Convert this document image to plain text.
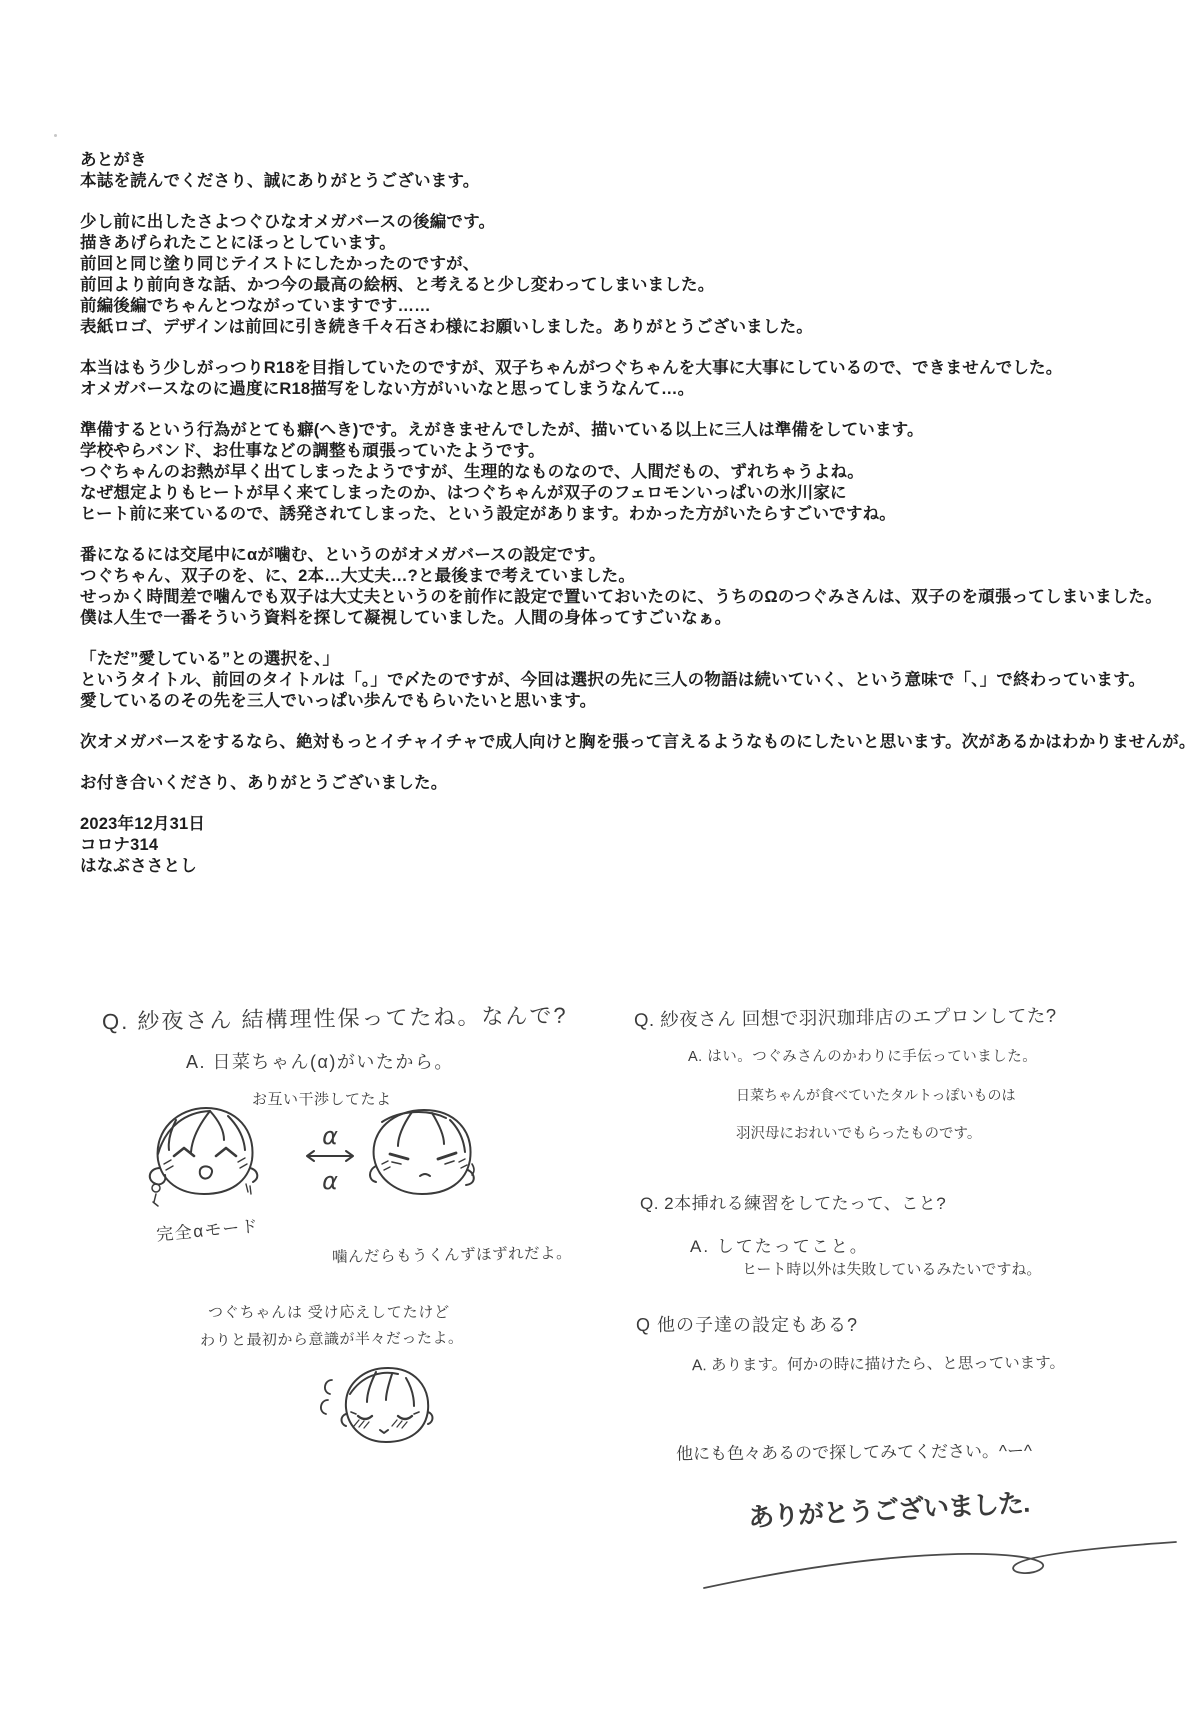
あとがき
本誌を読んでくださり、誠にありがとうございます。
少し前に出したさよつぐひなオメガバースの後編です。
描きあげられたことにほっとしています。
前回と同じ塗り同じテイストにしたかったのですが、
前回より前向きな話、かつ今の最高の絵柄、と考えると少し変わってしまいました。
前編後編でちゃんとつながっていますです……
表紙ロゴ、デザインは前回に引き続き千々石さわ様にお願いしました。ありがとうございました。
本当はもう少しがっつりR18を目指していたのですが、双子ちゃんがつぐちゃんを大事に大事にしているので、できませんでした。
オメガバースなのに過度にR18描写をしない方がいいなと思ってしまうなんて…。
準備するという行為がとても癖(へき)です。えがきませんでしたが、描いている以上に三人は準備をしています。
学校やらバンド、お仕事などの調整も頑張っていたようです。
つぐちゃんのお熱が早く出てしまったようですが、生理的なものなので、人間だもの、ずれちゃうよね。
なぜ想定よりもヒートが早く来てしまったのか、はつぐちゃんが双子のフェロモンいっぱいの氷川家に
ヒート前に来ているので、誘発されてしまった、という設定があります。わかった方がいたらすごいですね。
番になるには交尾中にαが噛む、というのがオメガバースの設定です。
つぐちゃん、双子のを、に、2本…大丈夫…?と最後まで考えていました。
せっかく時間差で噛んでも双子は大丈夫というのを前作に設定で置いておいたのに、うちのΩのつぐみさんは、双子のを頑張ってしまいました。
僕は人生で一番そういう資料を探して凝視していました。人間の身体ってすごいなぁ。
「ただ”愛している”との選択を、」
というタイトル、前回のタイトルは「。」で〆たのですが、今回は選択の先に三人の物語は続いていく、という意味で「、」で終わっています。
愛しているのその先を三人でいっぱい歩んでもらいたいと思います。
次オメガバースをするなら、絶対もっとイチャイチャで成人向けと胸を張って言えるようなものにしたいと思います。次があるかはわかりませんが。
お付き合いくださり、ありがとうございました。
2023年12月31日
コロナ314
はなぶささとし
Q. 紗夜さん 結構理性保ってたね。なんで?
A. 日菜ちゃん(α)がいたから。
お互い干渉してたよ
α
α
完全αモード
噛んだらもうくんずほずれだよ。
つぐちゃんは 受け応えしてたけど
わりと最初から意識が半々だったよ。
Q. 紗夜さん 回想で羽沢珈琲店のエプロンしてた?
A. はい。つぐみさんのかわりに手伝っていました。
日菜ちゃんが食べていたタルトっぽいものは
羽沢母におれいでもらったものです。
Q. 2本挿れる練習をしてたって、こと?
A. してたってこと。
ヒート時以外は失敗しているみたいですね。
Q 他の子達の設定もある?
A. あります。何かの時に描けたら、と思っています。
他にも色々あるので探してみてください。^ー^
ありがとうございました.
